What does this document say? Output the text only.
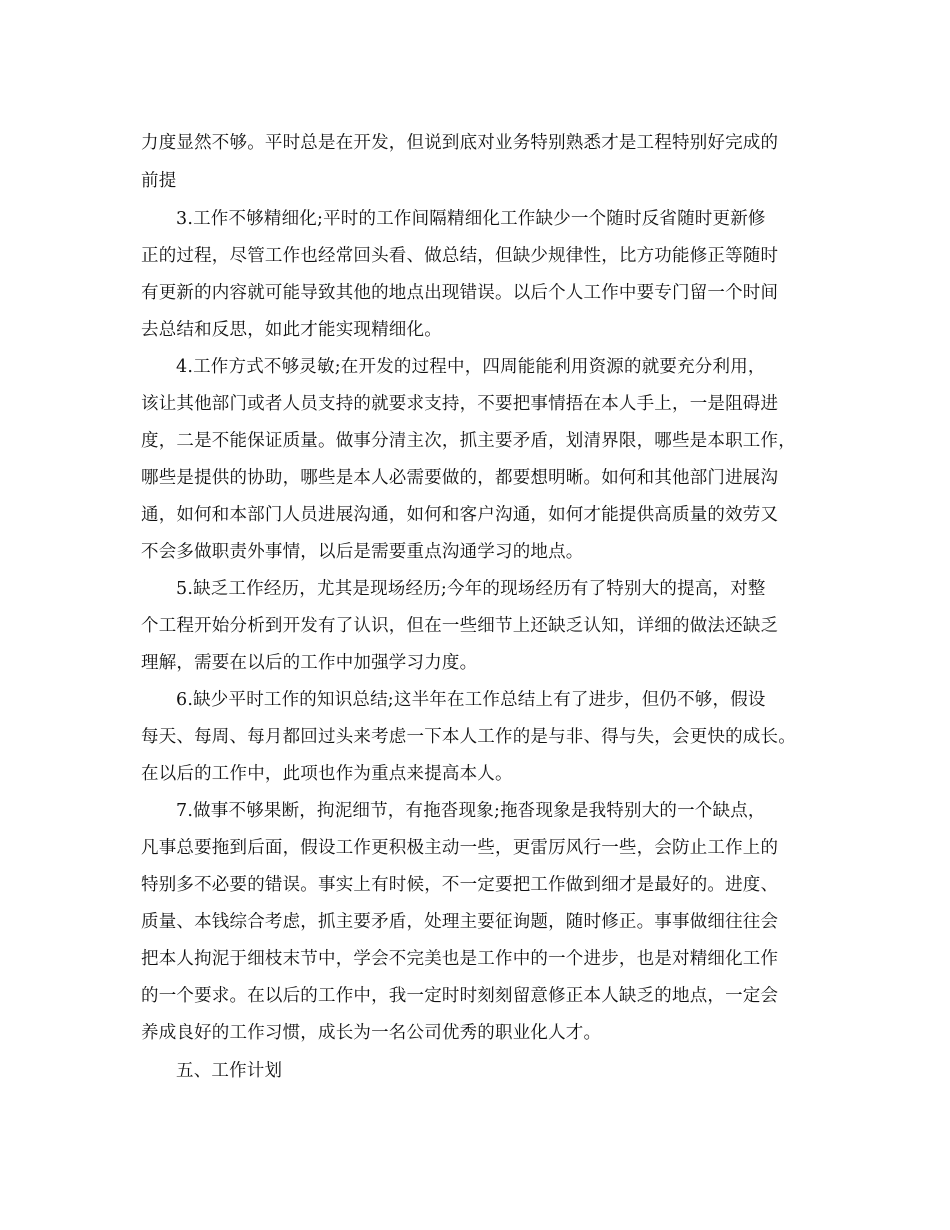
力度显然不够。平时总是在开发，但说到底对业务特别熟悉才是工程特别好完成的
前提
3.工作不够精细化;平时的工作间隔精细化工作缺少一个随时反省随时更新修
正的过程，尽管工作也经常回头看、做总结，但缺少规律性，比方功能修正等随时
有更新的内容就可能导致其他的地点出现错误。以后个人工作中要专门留一个时间
去总结和反思，如此才能实现精细化。
4.工作方式不够灵敏;在开发的过程中，四周能能利用资源的就要充分利用，
该让其他部门或者人员支持的就要求支持，不要把事情捂在本人手上，一是阻碍进
度，二是不能保证质量。做事分清主次，抓主要矛盾，划清界限，哪些是本职工作，
哪些是提供的协助，哪些是本人必需要做的，都要想明晰。如何和其他部门进展沟
通，如何和本部门人员进展沟通，如何和客户沟通，如何才能提供高质量的效劳又
不会多做职责外事情，以后是需要重点沟通学习的地点。
5.缺乏工作经历，尤其是现场经历;今年的现场经历有了特别大的提高，对整
个工程开始分析到开发有了认识，但在一些细节上还缺乏认知，详细的做法还缺乏
理解，需要在以后的工作中加强学习力度。
6.缺少平时工作的知识总结;这半年在工作总结上有了进步，但仍不够，假设
每天、每周、每月都回过头来考虑一下本人工作的是与非、得与失，会更快的成长。
在以后的工作中，此项也作为重点来提高本人。
7.做事不够果断，拘泥细节，有拖沓现象;拖沓现象是我特别大的一个缺点，
凡事总要拖到后面，假设工作更积极主动一些，更雷厉风行一些，会防止工作上的
特别多不必要的错误。事实上有时候，不一定要把工作做到细才是最好的。进度、
质量、本钱综合考虑，抓主要矛盾，处理主要征询题，随时修正。事事做细往往会
把本人拘泥于细枝末节中，学会不完美也是工作中的一个进步，也是对精细化工作
的一个要求。在以后的工作中，我一定时时刻刻留意修正本人缺乏的地点，一定会
养成良好的工作习惯，成长为一名公司优秀的职业化人才。
五、工作计划
